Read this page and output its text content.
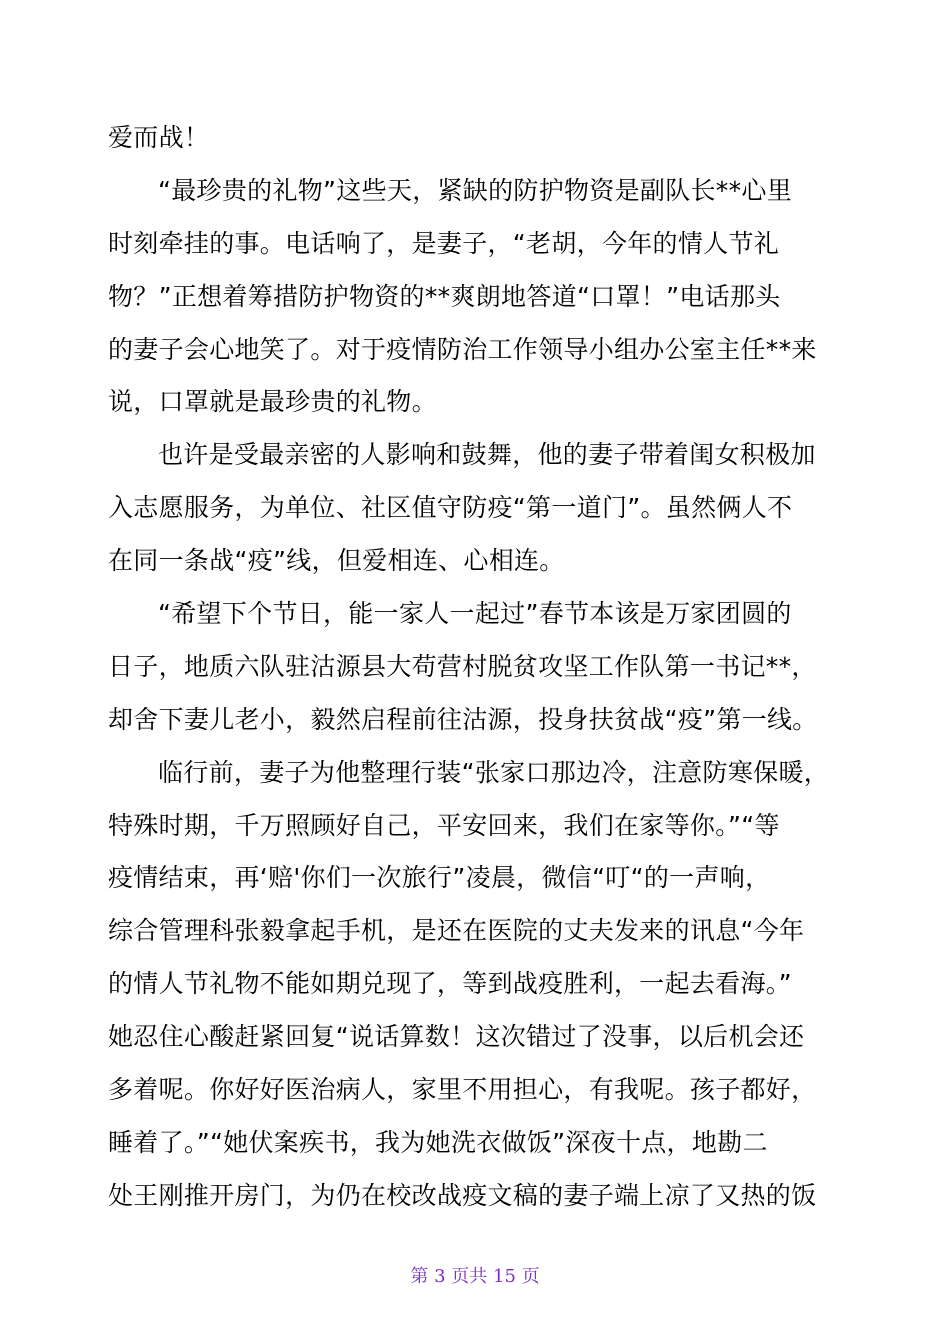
爱而战！
“最珍贵的礼物”这些天，紧缺的防护物资是副队长**心里
时刻牵挂的事。电话响了，是妻子，“老胡，今年的情人节礼
物？”正想着筹措防护物资的**爽朗地答道“口罩！”电话那头
的妻子会心地笑了。对于疫情防治工作领导小组办公室主任**来
说，口罩就是最珍贵的礼物。
也许是受最亲密的人影响和鼓舞，他的妻子带着闺女积极加
入志愿服务，为单位、社区值守防疫“第一道门”。虽然俩人不
在同一条战“疫”线，但爱相连、心相连。
“希望下个节日，能一家人一起过”春节本该是万家团圆的
日子，地质六队驻沽源县大苟营村脱贫攻坚工作队第一书记**，
却舍下妻儿老小，毅然启程前往沽源，投身扶贫战“疫”第一线。
临行前，妻子为他整理行装“张家口那边冷，注意防寒保暖，
特殊时期，千万照顾好自己，平安回来，我们在家等你。”“等
疫情结束，再‘赔'你们一次旅行”凌晨，微信“叮“的一声响，
综合管理科张毅拿起手机，是还在医院的丈夫发来的讯息“今年
的情人节礼物不能如期兑现了，等到战疫胜利，一起去看海。”
她忍住心酸赶紧回复“说话算数！这次错过了没事，以后机会还
多着呢。你好好医治病人，家里不用担心，有我呢。孩子都好，
睡着了。”“她伏案疾书，我为她洗衣做饭”深夜十点，地勘二
处王刚推开房门，为仍在校改战疫文稿的妻子端上凉了又热的饭
第 3 页共 15 页
